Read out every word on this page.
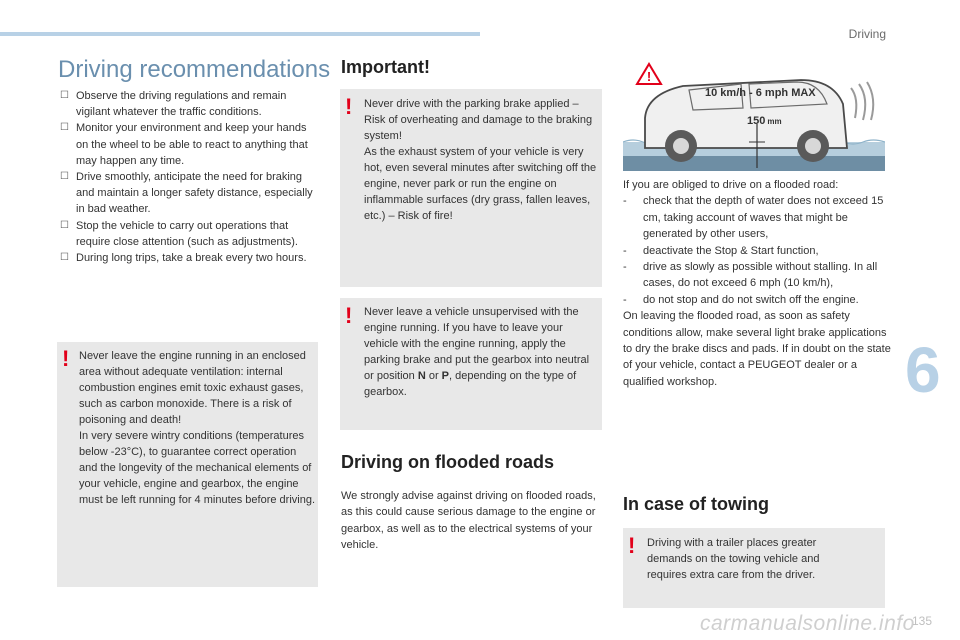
Driving
6
Driving recommendations
☐ Observe the driving regulations and remain vigilant whatever the traffic conditions.
☐ Monitor your environment and keep your hands on the wheel to be able to react to anything that may happen any time.
☐ Drive smoothly, anticipate the need for braking and maintain a longer safety distance, especially in bad weather.
☐ Stop the vehicle to carry out operations that require close attention (such as adjustments).
☐ During long trips, take a break every two hours.
! Never leave the engine running in an enclosed area without adequate ventilation: internal combustion engines emit toxic exhaust gases, such as carbon monoxide. There is a risk of poisoning and death!
In very severe wintry conditions (temperatures below -23°C), to guarantee correct operation and the longevity of the mechanical elements of your vehicle, engine and gearbox, the engine must be left running for 4 minutes before driving.
Important!
! Never drive with the parking brake applied – Risk of overheating and damage to the braking system!
As the exhaust system of your vehicle is very hot, even several minutes after switching off the engine, never park or run the engine on inflammable surfaces (dry grass, fallen leaves, etc.) – Risk of fire!
! Never leave a vehicle unsupervised with the engine running. If you have to leave your vehicle with the engine running, apply the parking brake and put the gearbox into neutral or position N or P, depending on the type of gearbox.
Driving on flooded roads

We strongly advise against driving on flooded roads, as this could cause serious damage to the engine or gearbox, as well as to the electrical systems of your vehicle.

!
10 km/h - 6 mph MAX
150 mm

If you are obliged to drive on a flooded road:

- check that the depth of water does not exceed 15 cm, taking account of waves that might be generated by other users,
- deactivate the Stop & Start function,
- drive as slowly as possible without stalling. In all cases, do not exceed 6 mph (10 km/h),
- do not stop and do not switch off the engine.

On leaving the flooded road, as soon as safety conditions allow, make several light brake applications to dry the brake discs and pads. If in doubt on the state of your vehicle, contact a PEUGEOT dealer or a qualified workshop.

In case of towing
! Driving with a trailer places greater demands on the towing vehicle and requires extra care from the driver.
carmanualsonline.info
135
